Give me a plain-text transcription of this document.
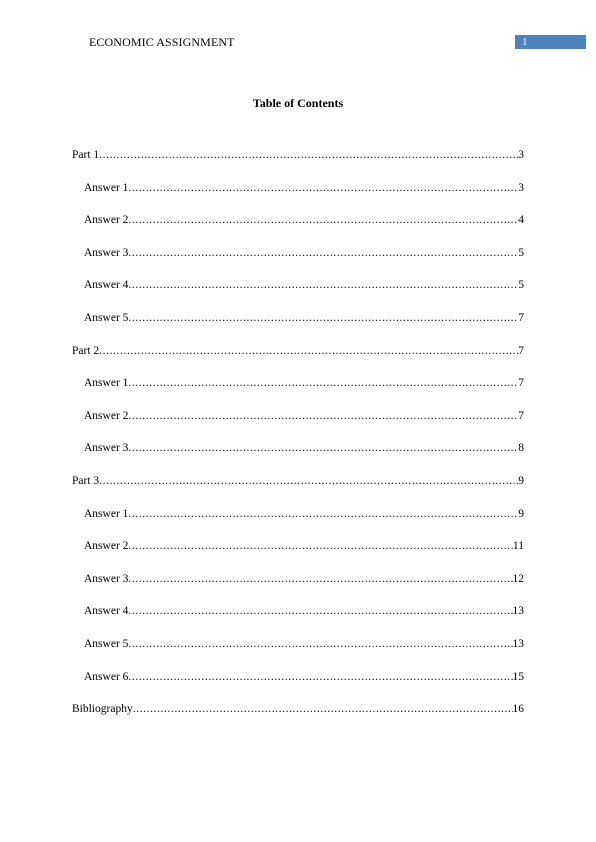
ECONOMIC ASSIGNMENT	1
Table of Contents
Part 1 .....	3
Answer 1 .....	3
Answer 2 .....	4
Answer 3 .....	5
Answer 4 .....	5
Answer 5 .....	7
Part 2 .....	7
Answer 1 .....	7
Answer 2 .....	7
Answer 3 .....	8
Part 3 .....	9
Answer 1 .....	9
Answer 2 .....	11
Answer 3 .....	12
Answer 4 .....	13
Answer 5 .....	13
Answer 6 .....	15
Bibliography .....	16
